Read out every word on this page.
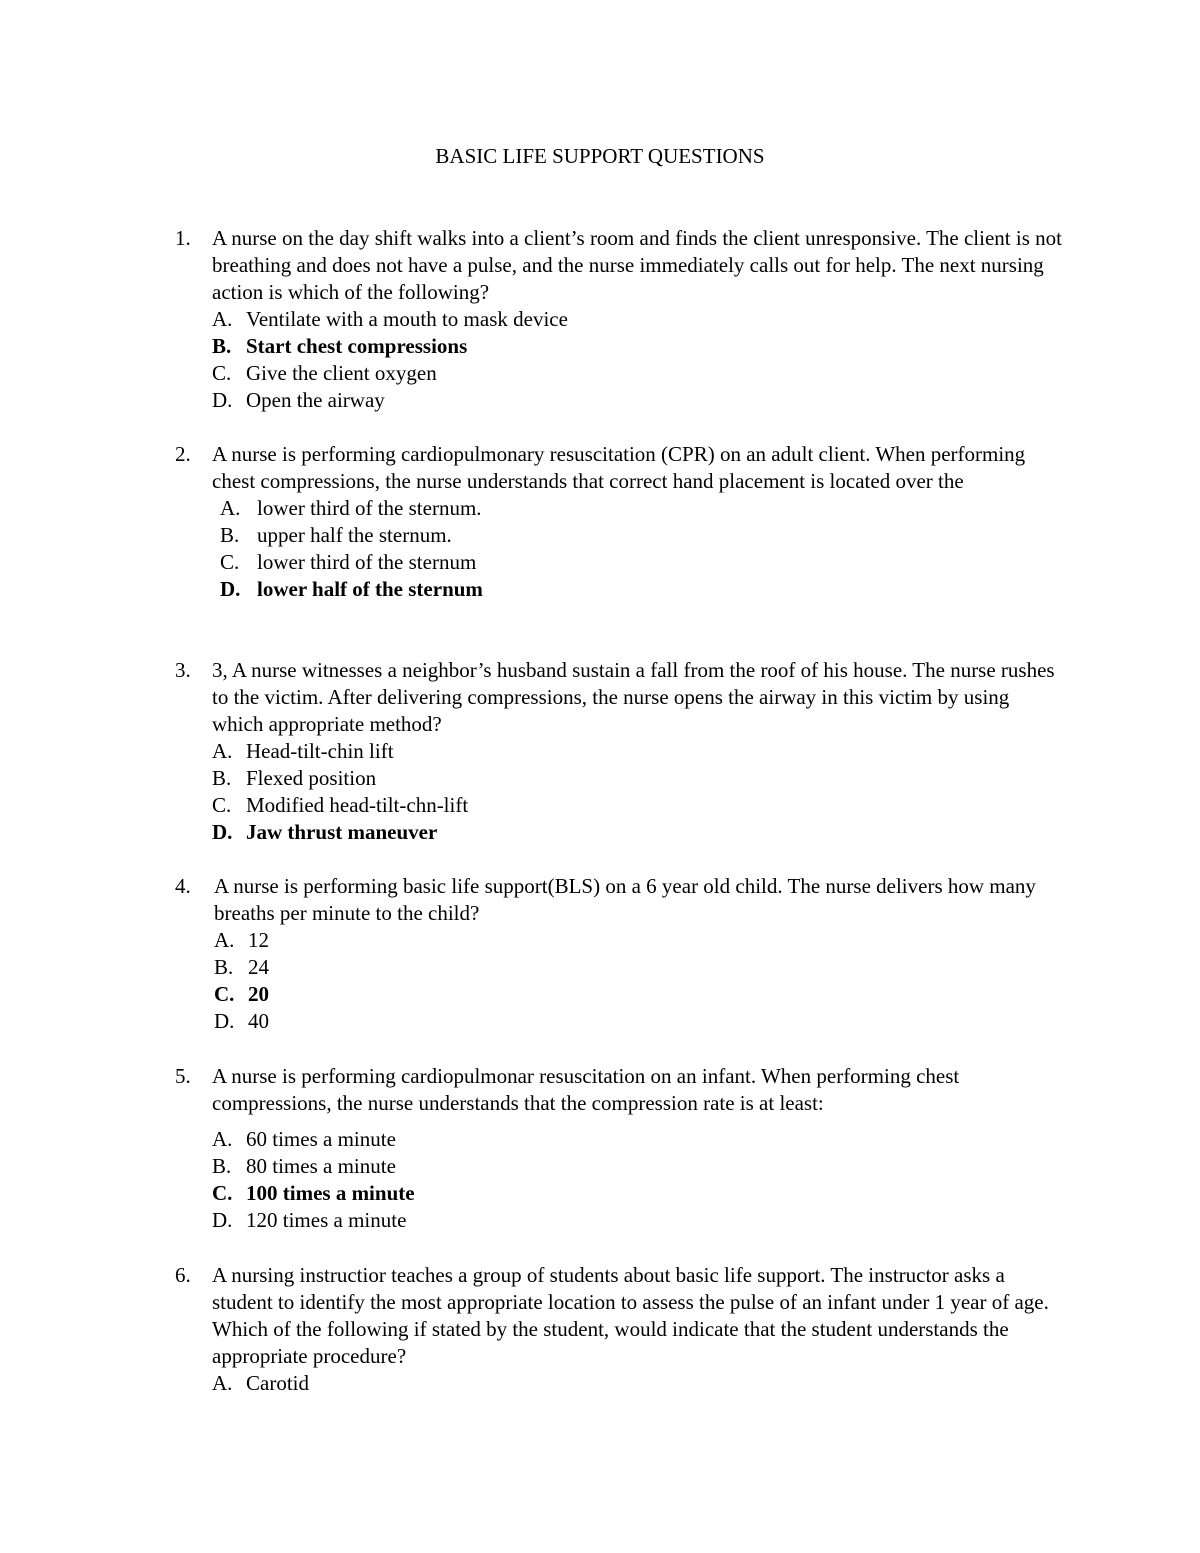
BASIC LIFE SUPPORT QUESTIONS
1.	A nurse on the day shift walks into a client’s room and finds the client unresponsive. The client is not breathing and does not have a pulse, and the nurse immediately calls out for help. The next nursing action is which of the following?
A. Ventilate with a mouth to mask device
B. Start chest compressions
C. Give the client oxygen
D. Open the airway
2.	A nurse is performing cardiopulmonary resuscitation (CPR) on an adult client. When performing chest compressions, the nurse understands that correct hand placement is located over the
A. lower third of the sternum.
B. upper half the sternum.
C. lower third of the sternum
D. lower half of the sternum
3.	3, A nurse witnesses a neighbor’s husband sustain a fall from the roof of his house. The nurse rushes to the victim. After delivering compressions, the nurse opens the airway in this victim by using which appropriate method?
A. Head-tilt-chin lift
B. Flexed position
C. Modified head-tilt-chn-lift
D. Jaw thrust maneuver
4.	A nurse is performing basic life support(BLS) on a 6 year old child. The nurse delivers how many breaths per minute to the child?
A. 12
B. 24
C. 20
D. 40
5.	A nurse is performing cardiopulmonar resuscitation on an infant. When performing chest compressions, the nurse understands that the compression rate is at least:
A. 60 times a minute
B. 80 times a minute
C. 100 times a minute
D. 120 times a minute
6.	A nursing instructior teaches a group of students about basic life support. The instructor asks a student to identify the most appropriate location to assess the pulse of an infant under 1 year of age. Which of the following if stated by the student, would indicate that the student understands the appropriate procedure?
A. Carotid
